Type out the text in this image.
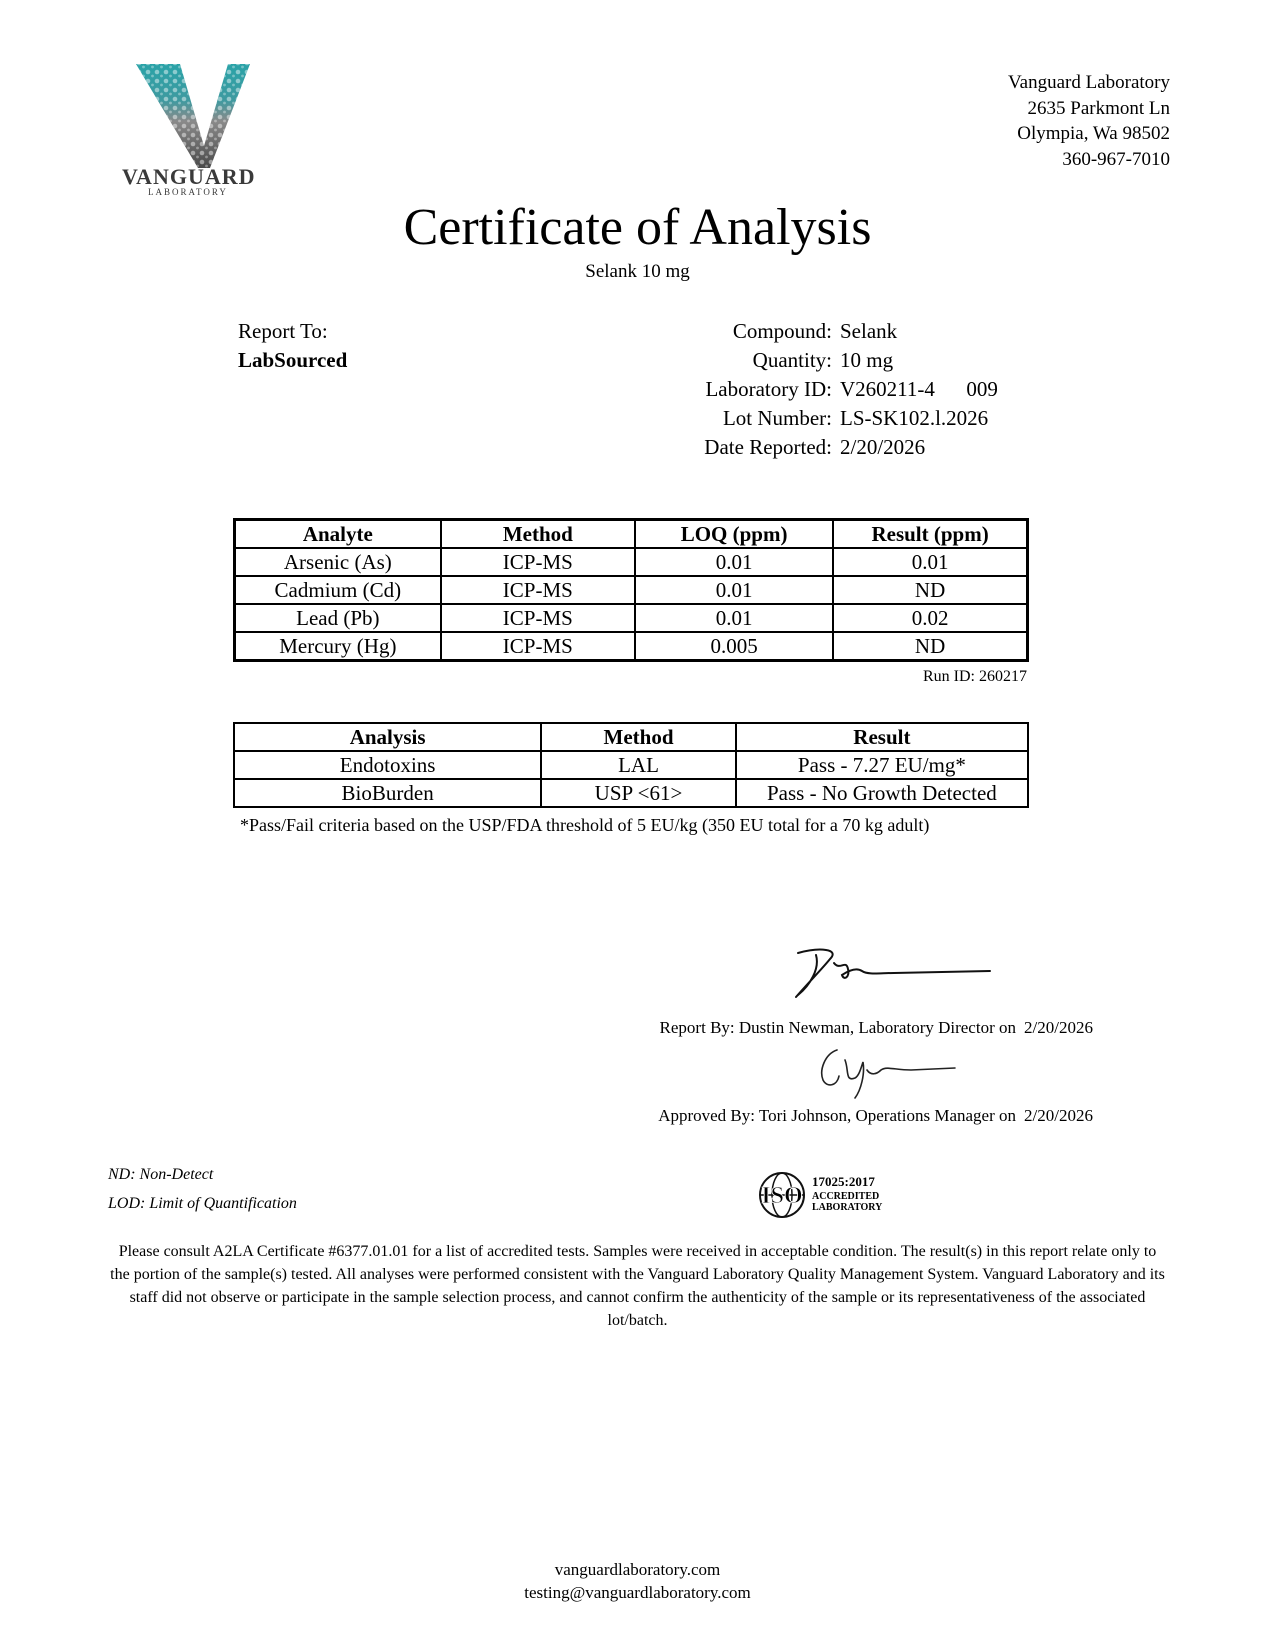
VANGUARD
LABORATORY
Vanguard Laboratory
2635 Parkmont Ln
Olympia, Wa 98502
360-967-7010
Certificate of Analysis
Selank 10 mg
Report To:
LabSourced
Compound: Selank
Quantity: 10 mg
Laboratory ID: V260211-4      009
Lot Number: LS-SK102.l.2026
Date Reported: 2/20/2026
Analyte	Method	LOQ (ppm)	Result (ppm)
Arsenic (As)	ICP-MS	0.01	0.01
Cadmium (Cd)	ICP-MS	0.01	ND
Lead (Pb)	ICP-MS	0.01	0.02
Mercury (Hg)	ICP-MS	0.005	ND
Run ID: 260217
Analysis	Method	Result
Endotoxins	LAL	Pass - 7.27 EU/mg*
BioBurden	USP <61>	Pass - No Growth Detected
*Pass/Fail criteria based on the USP/FDA threshold of 5 EU/kg (350 EU total for a 70 kg adult)
Report By: Dustin Newman, Laboratory Director on 2/20/2026
Approved By: Tori Johnson, Operations Manager on 2/20/2026
ND: Non-Detect
LOD: Limit of Quantification	ISO
17025:2017
ACCREDITED
LABORATORY
Please consult A2LA Certificate #6377.01.01 for a list of accredited tests. Samples were received in acceptable condition. The result(s) in this report relate only to the portion of the sample(s) tested. All analyses were performed consistent with the Vanguard Laboratory Quality Management System. Vanguard Laboratory and its staff did not observe or participate in the sample selection process, and cannot confirm the authenticity of the sample or its representativeness of the associated lot/batch.
vanguardlaboratory.com
testing@vanguardlaboratory.com
